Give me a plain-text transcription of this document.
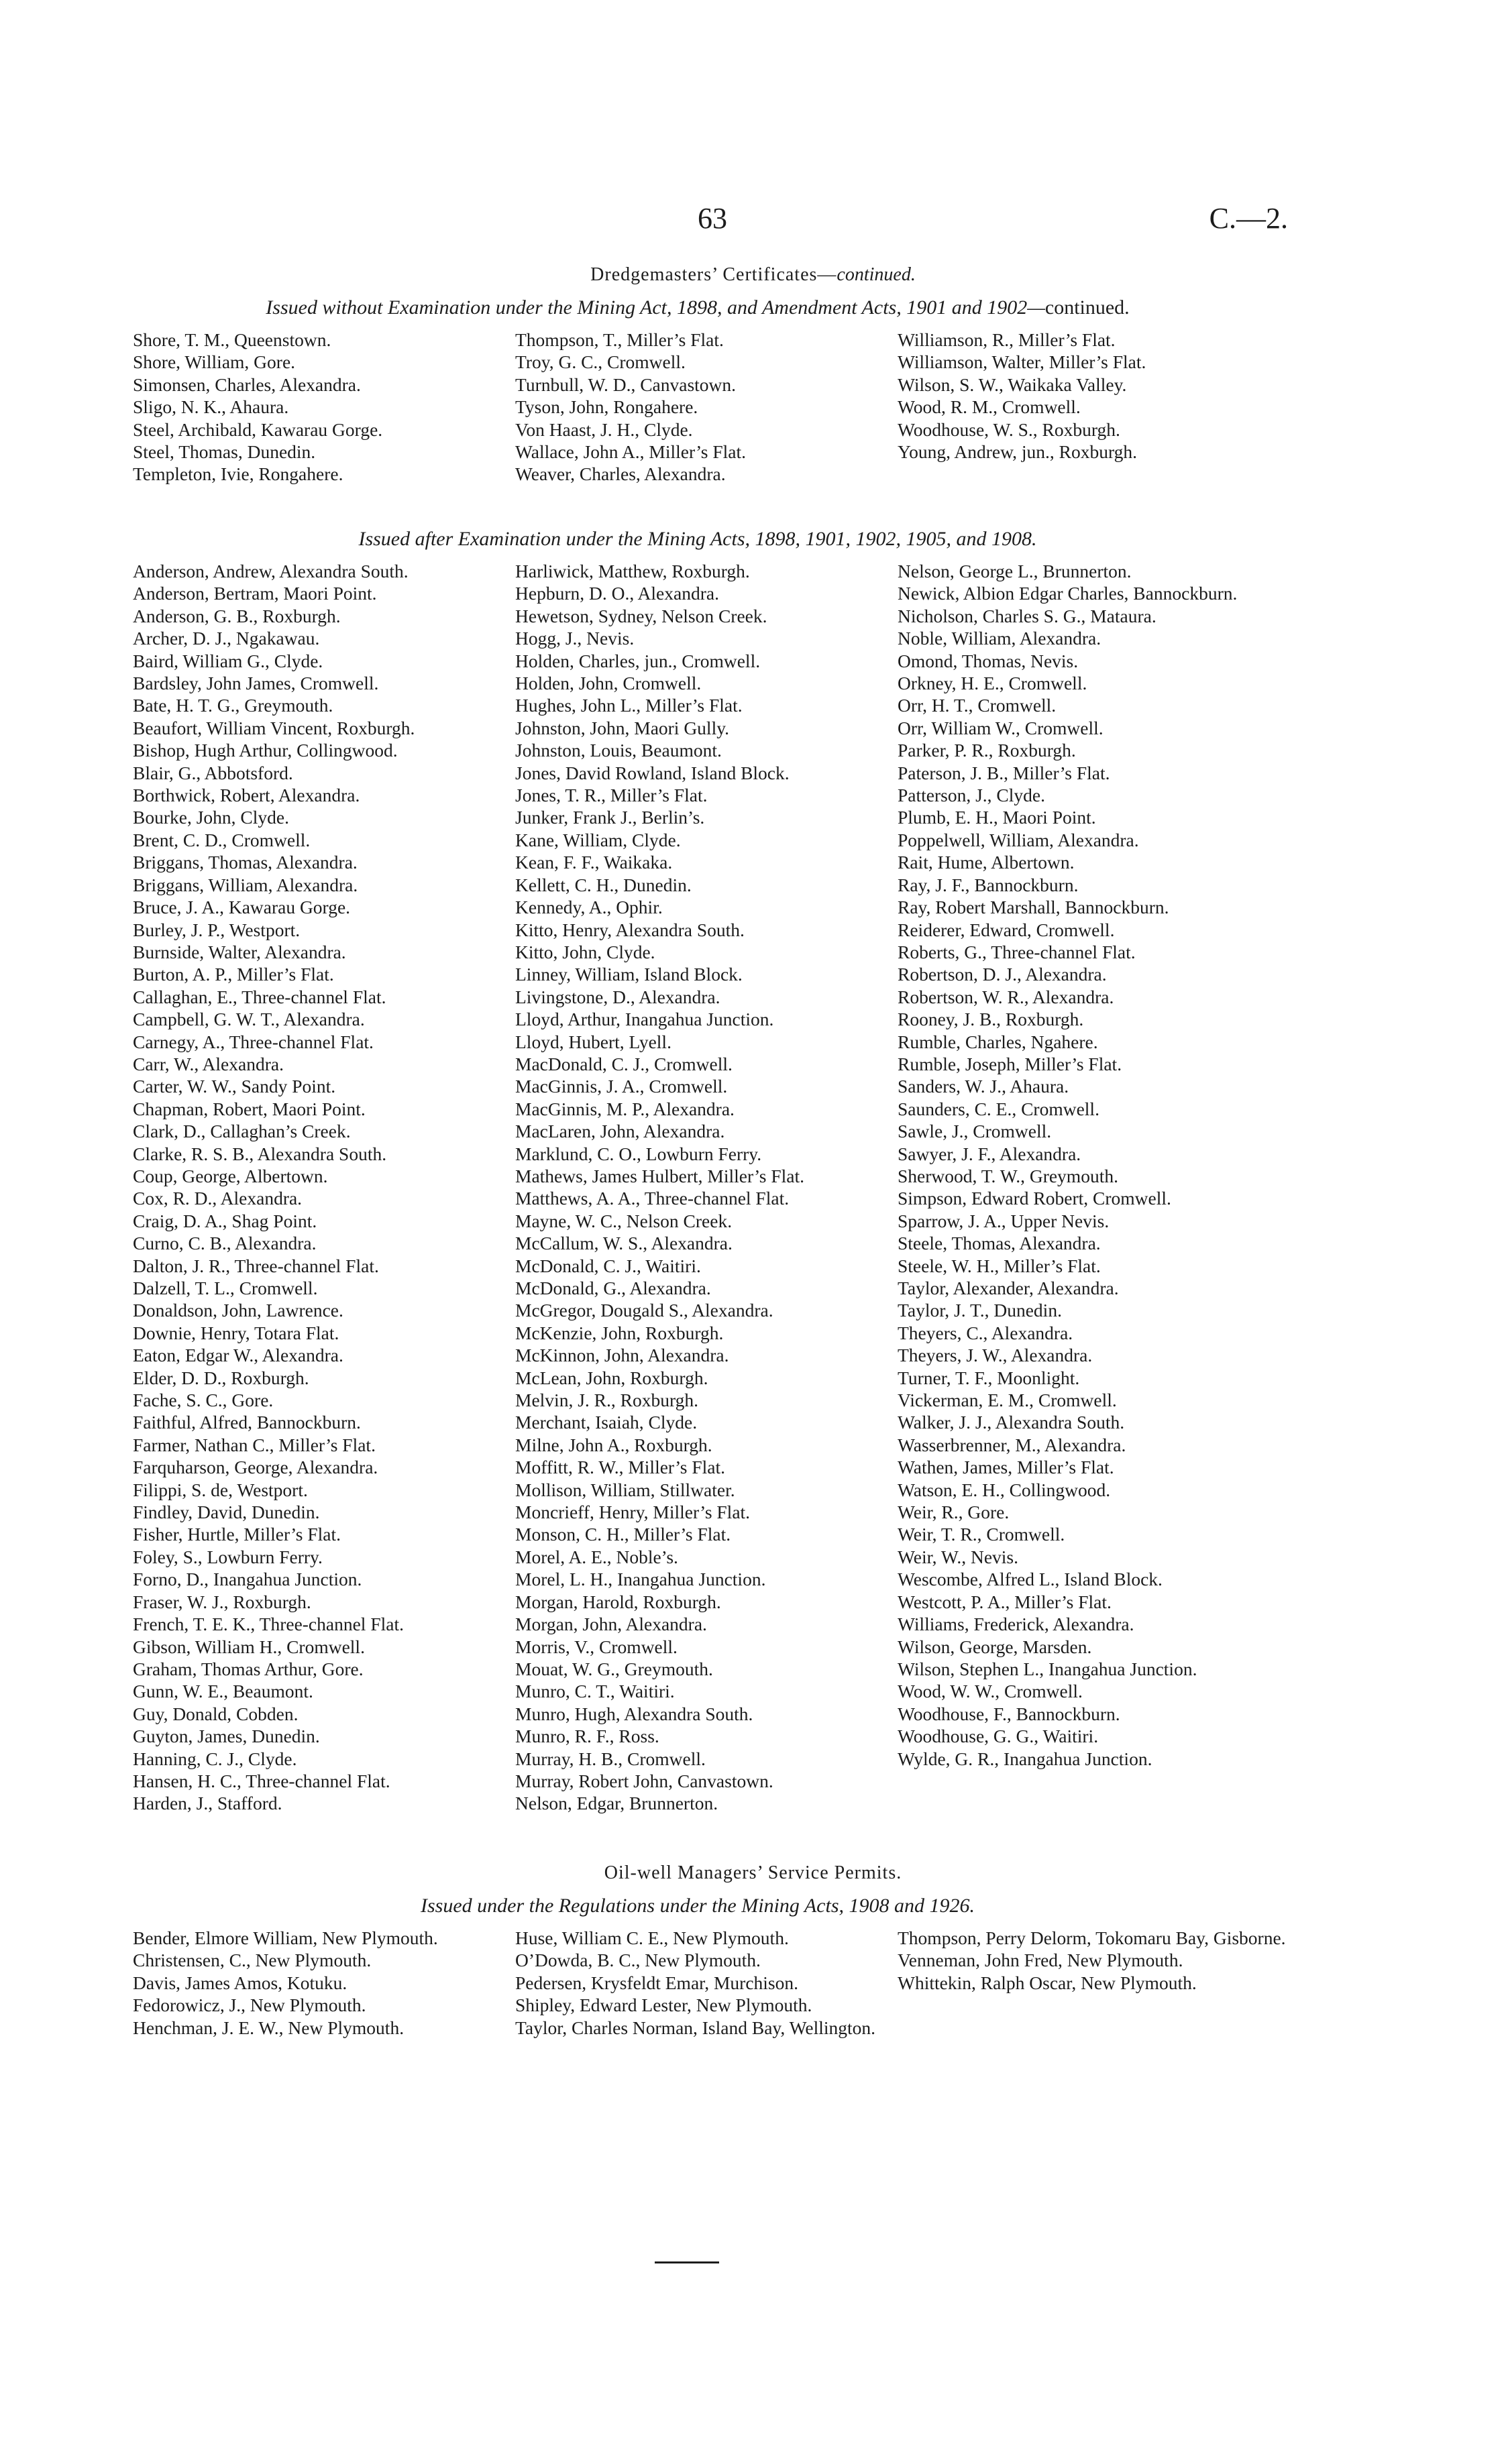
63	C.—2.
Dredgemasters’ Certificates—continued.
Issued without Examination under the Mining Act, 1898, and Amendment Acts, 1901 and 1902—continued.
Shore, T. M., Queenstown.
Shore, William, Gore.
Simonsen, Charles, Alexandra.
Sligo, N. K., Ahaura.
Steel, Archibald, Kawarau Gorge.
Steel, Thomas, Dunedin.
Templeton, Ivie, Rongahere.
Thompson, T., Miller’s Flat.
Troy, G. C., Cromwell.
Turnbull, W. D., Canvastown.
Tyson, John, Rongahere.
Von Haast, J. H., Clyde.
Wallace, John A., Miller’s Flat.
Weaver, Charles, Alexandra.
Williamson, R., Miller’s Flat.
Williamson, Walter, Miller’s Flat.
Wilson, S. W., Waikaka Valley.
Wood, R. M., Cromwell.
Woodhouse, W. S., Roxburgh.
Young, Andrew, jun., Roxburgh.
Issued after Examination under the Mining Acts, 1898, 1901, 1902, 1905, and 1908.
Anderson, Andrew, Alexandra South.
Anderson, Bertram, Maori Point.
Anderson, G. B., Roxburgh.
Archer, D. J., Ngakawau.
Baird, William G., Clyde.
Bardsley, John James, Cromwell.
Bate, H. T. G., Greymouth.
Beaufort, William Vincent, Roxburgh.
Bishop, Hugh Arthur, Collingwood.
Blair, G., Abbotsford.
Borthwick, Robert, Alexandra.
Bourke, John, Clyde.
Brent, C. D., Cromwell.
Briggans, Thomas, Alexandra.
Briggans, William, Alexandra.
Bruce, J. A., Kawarau Gorge.
Burley, J. P., Westport.
Burnside, Walter, Alexandra.
Burton, A. P., Miller’s Flat.
Callaghan, E., Three-channel Flat.
Campbell, G. W. T., Alexandra.
Carnegy, A., Three-channel Flat.
Carr, W., Alexandra.
Carter, W. W., Sandy Point.
Chapman, Robert, Maori Point.
Clark, D., Callaghan’s Creek.
Clarke, R. S. B., Alexandra South.
Coup, George, Albertown.
Cox, R. D., Alexandra.
Craig, D. A., Shag Point.
Curno, C. B., Alexandra.
Dalton, J. R., Three-channel Flat.
Dalzell, T. L., Cromwell.
Donaldson, John, Lawrence.
Downie, Henry, Totara Flat.
Eaton, Edgar W., Alexandra.
Elder, D. D., Roxburgh.
Fache, S. C., Gore.
Faithful, Alfred, Bannockburn.
Farmer, Nathan C., Miller’s Flat.
Farquharson, George, Alexandra.
Filippi, S. de, Westport.
Findley, David, Dunedin.
Fisher, Hurtle, Miller’s Flat.
Foley, S., Lowburn Ferry.
Forno, D., Inangahua Junction.
Fraser, W. J., Roxburgh.
French, T. E. K., Three-channel Flat.
Gibson, William H., Cromwell.
Graham, Thomas Arthur, Gore.
Gunn, W. E., Beaumont.
Guy, Donald, Cobden.
Guyton, James, Dunedin.
Hanning, C. J., Clyde.
Hansen, H. C., Three-channel Flat.
Harden, J., Stafford.
Harliwick, Matthew, Roxburgh.
Hepburn, D. O., Alexandra.
Hewetson, Sydney, Nelson Creek.
Hogg, J., Nevis.
Holden, Charles, jun., Cromwell.
Holden, John, Cromwell.
Hughes, John L., Miller’s Flat.
Johnston, John, Maori Gully.
Johnston, Louis, Beaumont.
Jones, David Rowland, Island Block.
Jones, T. R., Miller’s Flat.
Junker, Frank J., Berlin’s.
Kane, William, Clyde.
Kean, F. F., Waikaka.
Kellett, C. H., Dunedin.
Kennedy, A., Ophir.
Kitto, Henry, Alexandra South.
Kitto, John, Clyde.
Linney, William, Island Block.
Livingstone, D., Alexandra.
Lloyd, Arthur, Inangahua Junction.
Lloyd, Hubert, Lyell.
MacDonald, C. J., Cromwell.
MacGinnis, J. A., Cromwell.
MacGinnis, M. P., Alexandra.
MacLaren, John, Alexandra.
Marklund, C. O., Lowburn Ferry.
Mathews, James Hulbert, Miller’s Flat.
Matthews, A. A., Three-channel Flat.
Mayne, W. C., Nelson Creek.
McCallum, W. S., Alexandra.
McDonald, C. J., Waitiri.
McDonald, G., Alexandra.
McGregor, Dougald S., Alexandra.
McKenzie, John, Roxburgh.
McKinnon, John, Alexandra.
McLean, John, Roxburgh.
Melvin, J. R., Roxburgh.
Merchant, Isaiah, Clyde.
Milne, John A., Roxburgh.
Moffitt, R. W., Miller’s Flat.
Mollison, William, Stillwater.
Moncrieff, Henry, Miller’s Flat.
Monson, C. H., Miller’s Flat.
Morel, A. E., Noble’s.
Morel, L. H., Inangahua Junction.
Morgan, Harold, Roxburgh.
Morgan, John, Alexandra.
Morris, V., Cromwell.
Mouat, W. G., Greymouth.
Munro, C. T., Waitiri.
Munro, Hugh, Alexandra South.
Munro, R. F., Ross.
Murray, H. B., Cromwell.
Murray, Robert John, Canvastown.
Nelson, Edgar, Brunnerton.
Nelson, George L., Brunnerton.
Newick, Albion Edgar Charles, Bannockburn.
Nicholson, Charles S. G., Mataura.
Noble, William, Alexandra.
Omond, Thomas, Nevis.
Orkney, H. E., Cromwell.
Orr, H. T., Cromwell.
Orr, William W., Cromwell.
Parker, P. R., Roxburgh.
Paterson, J. B., Miller’s Flat.
Patterson, J., Clyde.
Plumb, E. H., Maori Point.
Poppelwell, William, Alexandra.
Rait, Hume, Albertown.
Ray, J. F., Bannockburn.
Ray, Robert Marshall, Bannockburn.
Reiderer, Edward, Cromwell.
Roberts, G., Three-channel Flat.
Robertson, D. J., Alexandra.
Robertson, W. R., Alexandra.
Rooney, J. B., Roxburgh.
Rumble, Charles, Ngahere.
Rumble, Joseph, Miller’s Flat.
Sanders, W. J., Ahaura.
Saunders, C. E., Cromwell.
Sawle, J., Cromwell.
Sawyer, J. F., Alexandra.
Sherwood, T. W., Greymouth.
Simpson, Edward Robert, Cromwell.
Sparrow, J. A., Upper Nevis.
Steele, Thomas, Alexandra.
Steele, W. H., Miller’s Flat.
Taylor, Alexander, Alexandra.
Taylor, J. T., Dunedin.
Theyers, C., Alexandra.
Theyers, J. W., Alexandra.
Turner, T. F., Moonlight.
Vickerman, E. M., Cromwell.
Walker, J. J., Alexandra South.
Wasserbrenner, M., Alexandra.
Wathen, James, Miller’s Flat.
Watson, E. H., Collingwood.
Weir, R., Gore.
Weir, T. R., Cromwell.
Weir, W., Nevis.
Wescombe, Alfred L., Island Block.
Westcott, P. A., Miller’s Flat.
Williams, Frederick, Alexandra.
Wilson, George, Marsden.
Wilson, Stephen L., Inangahua Junction.
Wood, W. W., Cromwell.
Woodhouse, F., Bannockburn.
Woodhouse, G. G., Waitiri.
Wylde, G. R., Inangahua Junction.
Oil-well Managers’ Service Permits.
Issued under the Regulations under the Mining Acts, 1908 and 1926.
Bender, Elmore William, New Plymouth.
Christensen, C., New Plymouth.
Davis, James Amos, Kotuku.
Fedorowicz, J., New Plymouth.
Henchman, J. E. W., New Plymouth.
Huse, William C. E., New Plymouth.
O’Dowda, B. C., New Plymouth.
Pedersen, Krysfeldt Emar, Murchison.
Shipley, Edward Lester, New Plymouth.
Taylor, Charles Norman, Island Bay, Wellington.
Thompson, Perry Delorm, Tokomaru Bay, Gisborne.
Venneman, John Fred, New Plymouth.
Whittekin, Ralph Oscar, New Plymouth.
